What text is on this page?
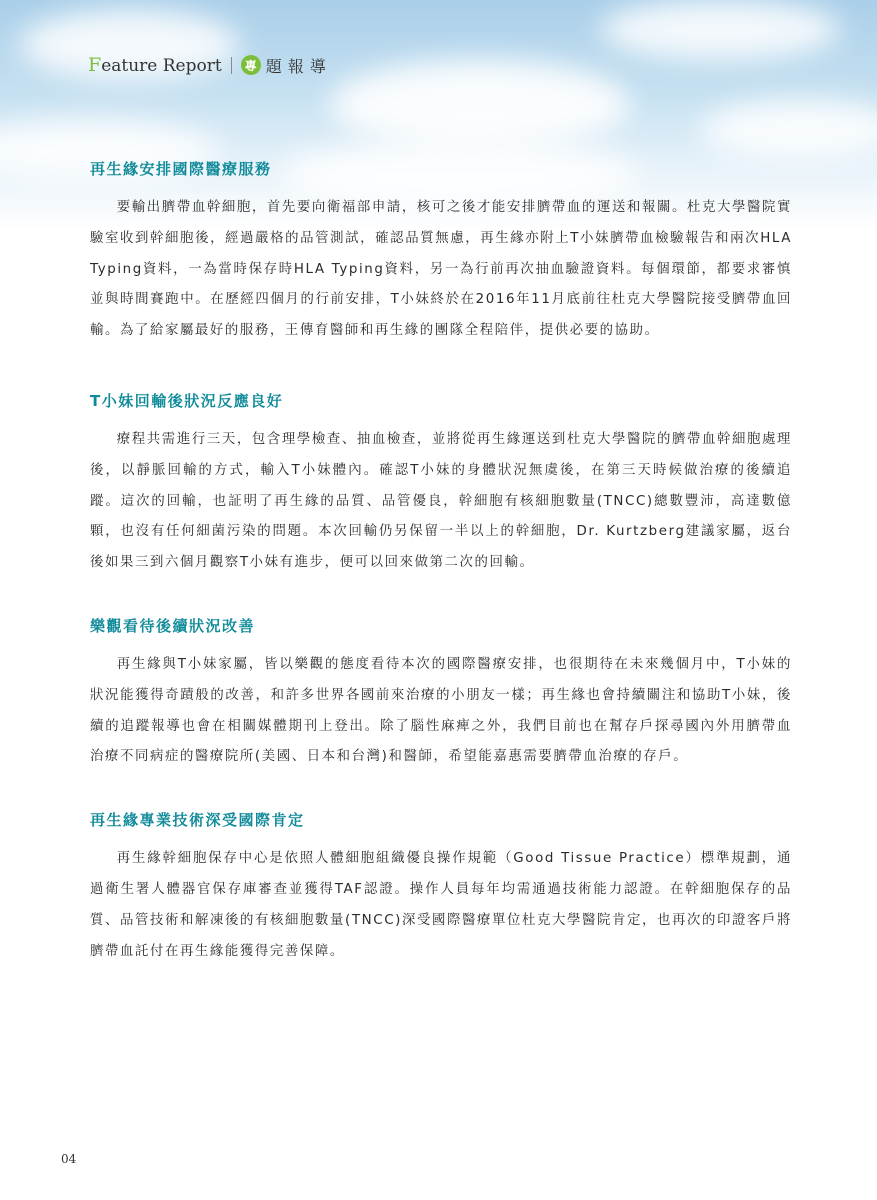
Feature Report	專 題報導
再生緣安排國際醫療服務

要輸出臍帶血幹細胞，首先要向衛福部申請，核可之後才能安排臍帶血的運送和報關。杜克大學醫院實驗室收到幹細胞後，經過嚴格的品管測試，確認品質無慮，再生緣亦附上T小妹臍帶血檢驗報告和兩次HLA Typing資料，一為當時保存時HLA Typing資料，另一為行前再次抽血驗證資料。每個環節，都要求審慎並與時間賽跑中。在歷經四個月的行前安排，T小妹終於在2016年11月底前往杜克大學醫院接受臍帶血回輸。為了給家屬最好的服務，王傳育醫師和再生緣的團隊全程陪伴，提供必要的協助。

T小妹回輸後狀況反應良好

療程共需進行三天，包含理學檢查、抽血檢查，並將從再生緣運送到杜克大學醫院的臍帶血幹細胞處理後，以靜脈回輸的方式，輸入T小妹體內。確認T小妹的身體狀況無虞後，在第三天時候做治療的後續追蹤。這次的回輸，也証明了再生緣的品質、品管優良，幹細胞有核細胞數量(TNCC)總數豐沛，高達數億顆，也沒有任何細菌污染的問題。本次回輸仍另保留一半以上的幹細胞，Dr. Kurtzberg建議家屬，返台後如果三到六個月觀察T小妹有進步，便可以回來做第二次的回輸。

樂觀看待後續狀況改善

再生緣與T小妹家屬，皆以樂觀的態度看待本次的國際醫療安排，也很期待在未來幾個月中，T小妹的狀況能獲得奇蹟般的改善，和許多世界各國前來治療的小朋友一樣；再生緣也會持續關注和協助T小妹，後續的追蹤報導也會在相關媒體期刊上登出。除了腦性麻痺之外，我們目前也在幫存戶探尋國內外用臍帶血治療不同病症的醫療院所(美國、日本和台灣)和醫師，希望能嘉惠需要臍帶血治療的存戶。

再生緣專業技術深受國際肯定

再生緣幹細胞保存中心是依照人體細胞組織優良操作規範（Good Tissue Practice）標準規劃，通過衛生署人體器官保存庫審查並獲得TAF認證。操作人員每年均需通過技術能力認證。在幹細胞保存的品質、品管技術和解凍後的有核細胞數量(TNCC)深受國際醫療單位杜克大學醫院肯定，也再次的印證客戶將臍帶血託付在再生緣能獲得完善保障。

04
